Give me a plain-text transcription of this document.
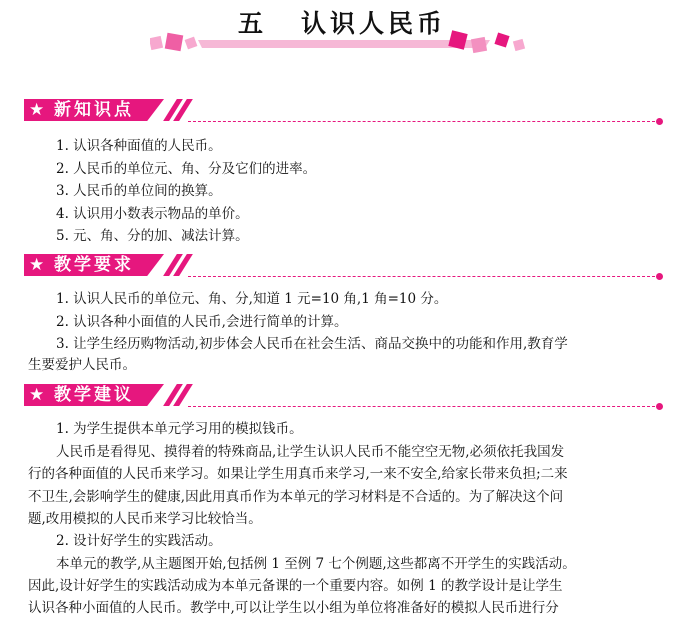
五 认识人民币
★ 新知识点
1. 认识各种面值的人民币。
2. 人民币的单位元、角、分及它们的进率。
3. 人民币的单位间的换算。
4. 认识用小数表示物品的单价。
5. 元、角、分的加、减法计算。
★ 教学要求
1. 认识人民币的单位元、角、分,知道 1 元=10 角,1 角=10 分。
2. 认识各种小面值的人民币,会进行简单的计算。
3. 让学生经历购物活动,初步体会人民币在社会生活、商品交换中的功能和作用,教育学
生要爱护人民币。
★ 教学建议
1. 为学生提供本单元学习用的模拟钱币。
人民币是看得见、摸得着的特殊商品,让学生认识人民币不能空空无物,必须依托我国发
行的各种面值的人民币来学习。如果让学生用真币来学习,一来不安全,给家长带来负担;二来
不卫生,会影响学生的健康,因此用真币作为本单元的学习材料是不合适的。为了解决这个问
题,改用模拟的人民币来学习比较恰当。
2. 设计好学生的实践活动。
本单元的教学,从主题图开始,包括例 1 至例 7 七个例题,这些都离不开学生的实践活动。
因此,设计好学生的实践活动成为本单元备课的一个重要内容。如例 1 的教学设计是让学生
认识各种小面值的人民币。教学中,可以让学生以小组为单位将准备好的模拟人民币进行分
